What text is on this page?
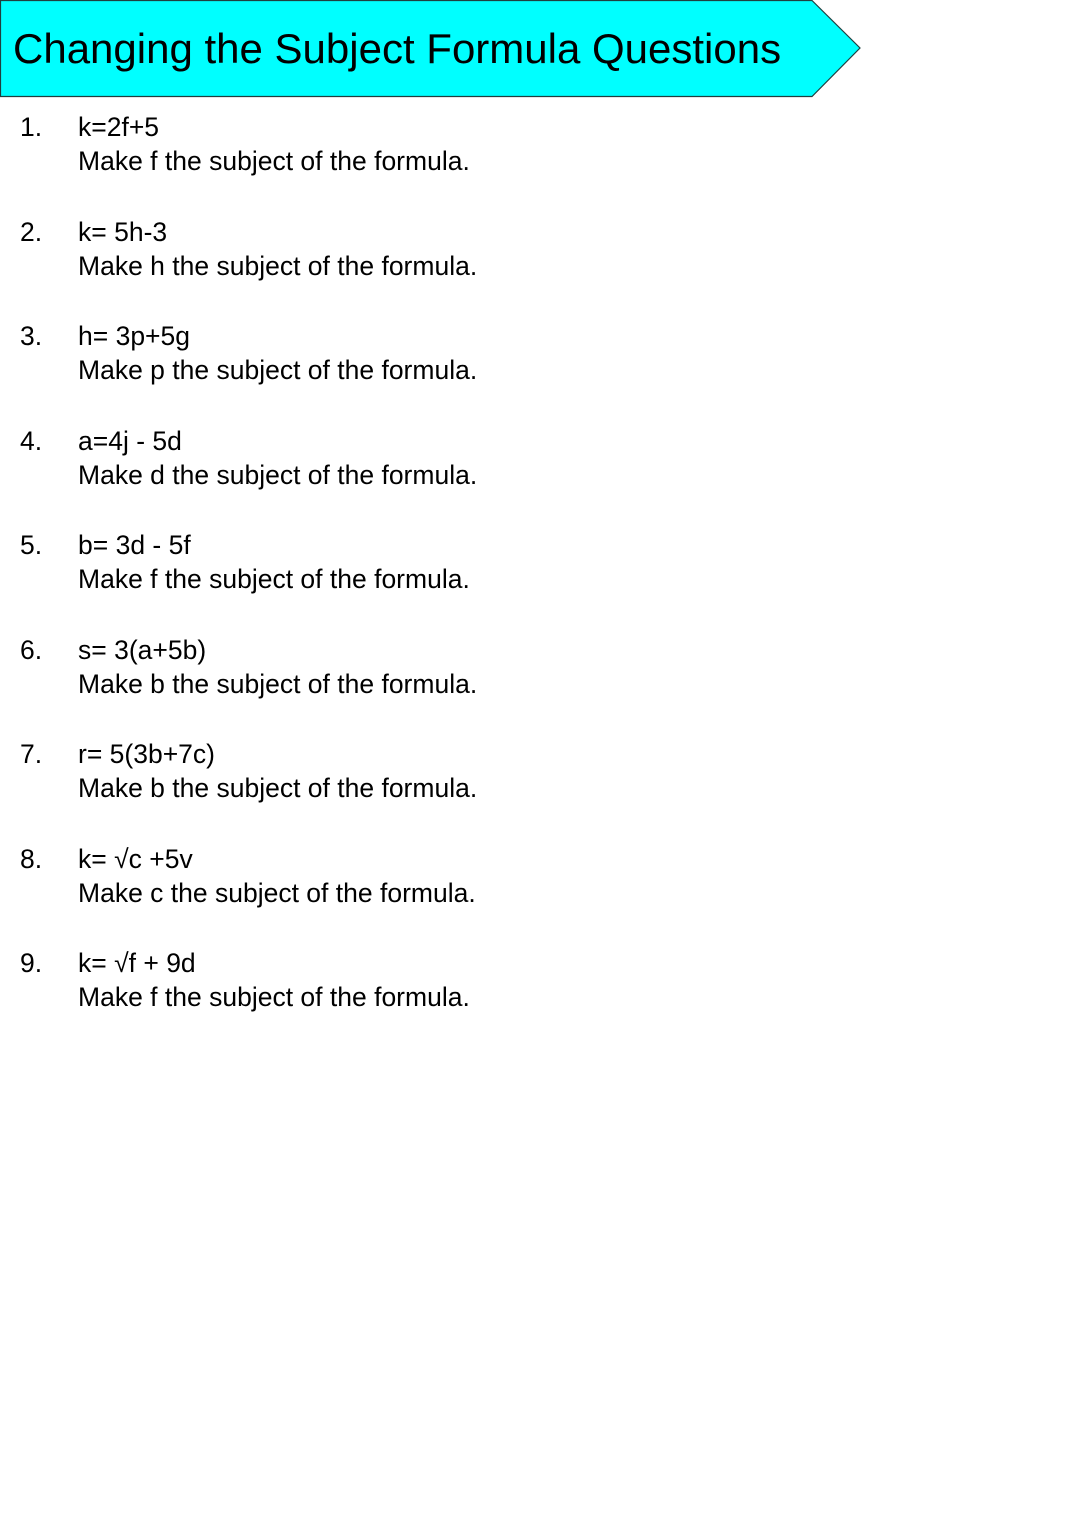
Changing the Subject Formula Questions
1. k=2f+5
Make f the subject of the formula.
2. k= 5h-3
Make h the subject of the formula.
3. h= 3p+5g
Make p the subject of the formula.
4. a=4j - 5d
Make d the subject of the formula.
5. b= 3d - 5f
Make f the subject of the formula.
6. s= 3(a+5b)
Make b the subject of the formula.
7. r= 5(3b+7c)
Make b the subject of the formula.
8. k= √c +5v
Make c the subject of the formula.
9. k= √f + 9d
Make f the subject of the formula.
